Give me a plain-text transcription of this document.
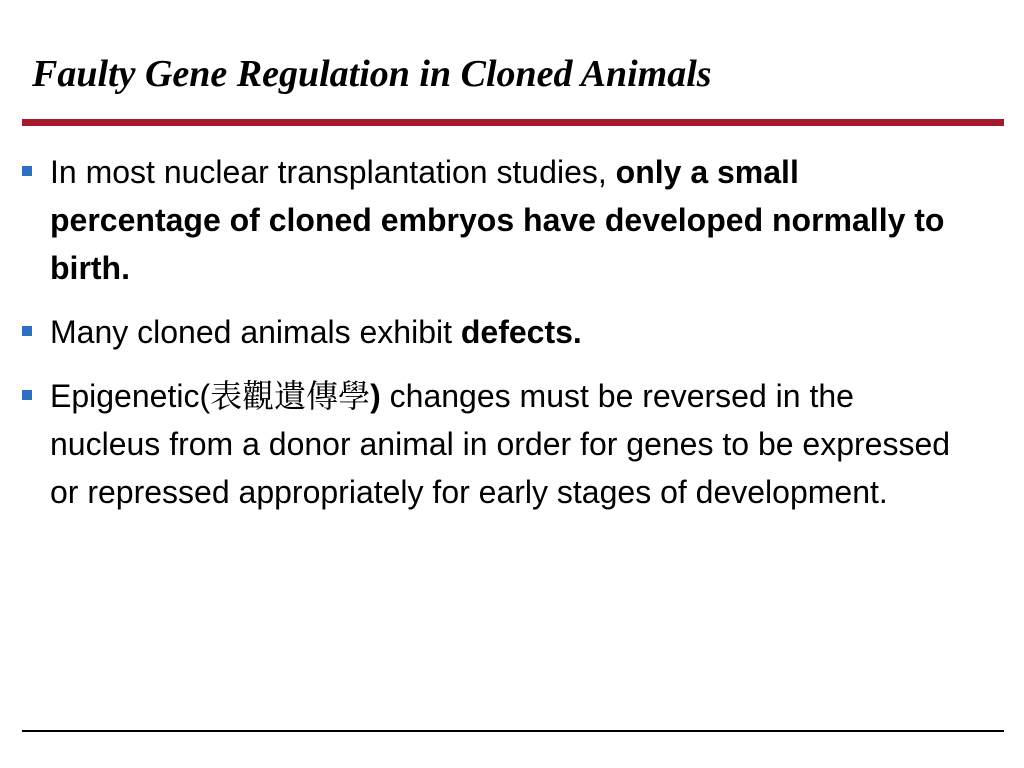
Faulty Gene Regulation in Cloned Animals
In most nuclear transplantation studies, only a small percentage of cloned embryos have developed normally to birth.
Many cloned animals exhibit defects.
Epigenetic(表觀遺傳學) changes must be reversed in the nucleus from a donor animal in order for genes to be expressed or repressed appropriately for early stages of development.
